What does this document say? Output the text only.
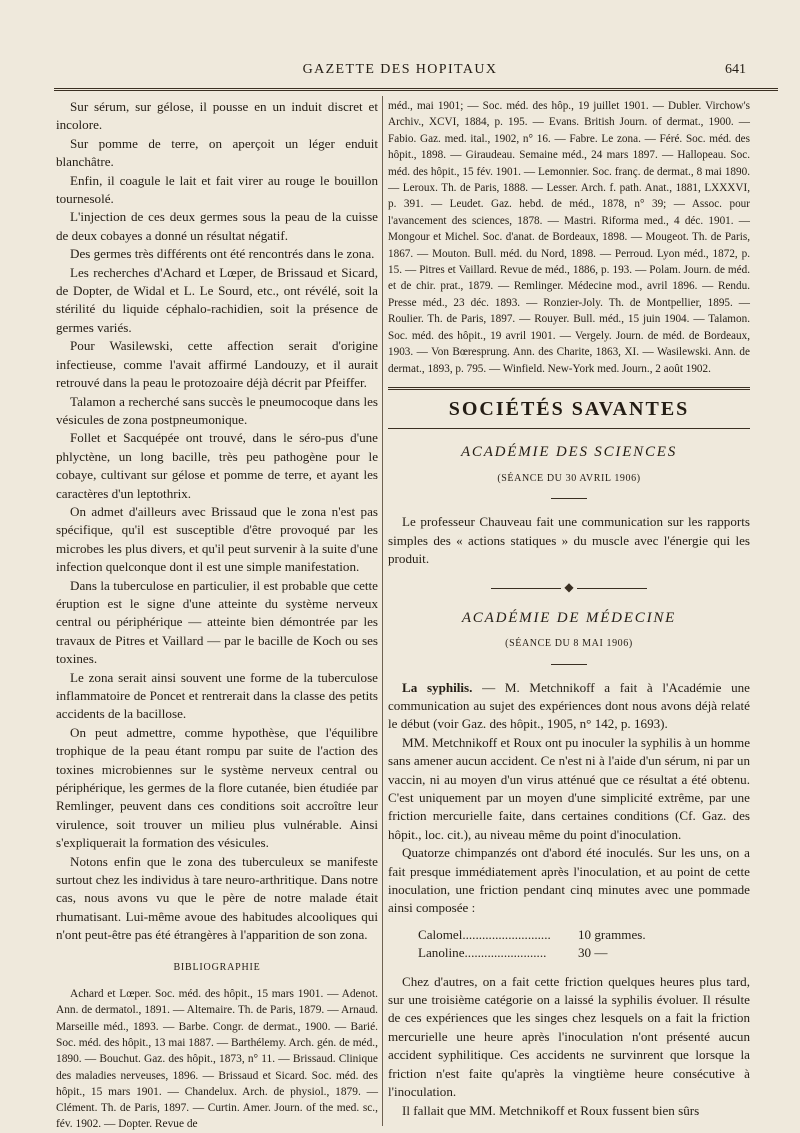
GAZETTE DES HOPITAUX	641

Sur sérum, sur gélose, il pousse en un induit discret et incolore.

Sur pomme de terre, on aperçoit un léger enduit blanchâtre.

Enfin, il coagule le lait et fait virer au rouge le bouillon tournesolé.

L'injection de ces deux germes sous la peau de la cuisse de deux cobayes a donné un résultat négatif.

Des germes très différents ont été rencontrés dans le zona.

Les recherches d'Achard et Lœper, de Brissaud et Sicard, de Dopter, de Widal et L. Le Sourd, etc., ont révélé, soit la stérilité du liquide céphalo-rachidien, soit la présence de germes variés.

Pour Wasilewski, cette affection serait d'origine infectieuse, comme l'avait affirmé Landouzy, et il aurait retrouvé dans la peau le protozoaire déjà décrit par Pfeiffer.

Talamon a recherché sans succès le pneumocoque dans les vésicules de zona postpneumonique.

Follet et Sacquépée ont trouvé, dans le séro-pus d'une phlyctène, un long bacille, très peu pathogène pour le cobaye, cultivant sur gélose et pomme de terre, et ayant les caractères d'un leptothrix.

On admet d'ailleurs avec Brissaud que le zona n'est pas spécifique, qu'il est susceptible d'être provoqué par les microbes les plus divers, et qu'il peut survenir à la suite d'une infection quelconque dont il est une simple manifestation.

Dans la tuberculose en particulier, il est probable que cette éruption est le signe d'une atteinte du système nerveux central ou périphérique — atteinte bien démontrée par les travaux de Pitres et Vaillard — par le bacille de Koch ou ses toxines.

Le zona serait ainsi souvent une forme de la tuberculose inflammatoire de Poncet et rentrerait dans la classe des petits accidents de la bacillose.

On peut admettre, comme hypothèse, que l'équilibre trophique de la peau étant rompu par suite de l'action des toxines microbiennes sur le système nerveux central ou périphérique, les germes de la flore cutanée, bien étudiée par Remlinger, peuvent dans ces conditions soit accroître leur virulence, soit trouver un milieu plus vulnérable. Ainsi s'expliquerait la formation des vésicules.

Notons enfin que le zona des tuberculeux se manifeste surtout chez les individus à tare neuro-arthritique. Dans notre cas, nous avons vu que le père de notre malade était rhumatisant. Lui-même avoue des habitudes alcooliques qui n'ont peut-être pas été étrangères à l'apparition de son zona.

BIBLIOGRAPHIE

Achard et Lœper. Soc. méd. des hôpit., 15 mars 1901. — Adenot. Ann. de dermatol., 1891. — Altemaire. Th. de Paris, 1879. — Arnaud. Marseille méd., 1893. — Barbe. Congr. de dermat., 1900. — Barié. Soc. méd. des hôpit., 13 mai 1887. — Barthélemy. Arch. gén. de méd., 1890. — Bouchut. Gaz. des hôpit., 1873, n° 11. — Brissaud. Clinique des maladies nerveuses, 1896. — Brissaud et Sicard. Soc. méd. des hôpit., 15 mars 1901. — Chandelux. Arch. de physiol., 1879. — Clément. Th. de Paris, 1897. — Curtin. Amer. Journ. of the med. sc., fév. 1902. — Dopter. Revue de

méd., mai 1901; — Soc. méd. des hôp., 19 juillet 1901. — Dubler. Virchow's Archiv., XCVI, 1884, p. 195. — Evans. British Journ. of dermat., 1900. — Fabio. Gaz. med. ital., 1902, n° 16. — Fabre. Le zona. — Féré. Soc. méd. des hôpit., 1898. — Giraudeau. Semaine méd., 24 mars 1897. — Hallopeau. Soc. méd. des hôpit., 15 fév. 1901. — Lemonnier. Soc. franç. de dermat., 8 mai 1890. — Leroux. Th. de Paris, 1888. — Lesser. Arch. f. path. Anat., 1881, LXXXVI, p. 391. — Leudet. Gaz. hebd. de méd., 1878, n° 39; — Assoc. pour l'avancement des sciences, 1878. — Mastri. Riforma med., 4 déc. 1901. — Mongour et Michel. Soc. d'anat. de Bordeaux, 1898. — Mougeot. Th. de Paris, 1867. — Mouton. Bull. méd. du Nord, 1898. — Perroud. Lyon méd., 1872, p. 15. — Pitres et Vaillard. Revue de méd., 1886, p. 193. — Polam. Journ. de méd. et de chir. prat., 1879. — Remlinger. Médecine mod., avril 1896. — Rendu. Presse méd., 23 déc. 1893. — Ronzier-Joly. Th. de Montpellier, 1895. — Roulier. Th. de Paris, 1897. — Rouyer. Bull. méd., 15 juin 1904. — Talamon. Soc. méd. des hôpit., 19 avril 1901. — Vergely. Journ. de méd. de Bordeaux, 1903. — Von Bœresprung. Ann. des Charite, 1863, XI. — Wasilewski. Ann. de dermat., 1893, p. 795. — Winfield. New-York med. Journ., 2 août 1902.

SOCIÉTÉS SAVANTES
ACADÉMIE DES SCIENCES
(SÉANCE DU 30 AVRIL 1906)

Le professeur Chauveau fait une communication sur les rapports simples des « actions statiques » du muscle avec l'énergie qui les produit.

◆
ACADÉMIE DE MÉDECINE
(SÉANCE DU 8 MAI 1906)

La syphilis. — M. Metchnikoff a fait à l'Académie une communication au sujet des expériences dont nous avons déjà relaté le début (voir Gaz. des hôpit., 1905, n° 142, p. 1693).

MM. Metchnikoff et Roux ont pu inoculer la syphilis à un homme sans amener aucun accident. Ce n'est ni à l'aide d'un sérum, ni par un vaccin, ni au moyen d'un virus atténué que ce résultat a été obtenu. C'est uniquement par un moyen d'une simplicité extrême, par une friction mercurielle faite, dans certaines conditions (Cf. Gaz. des hôpit., loc. cit.), au niveau même du point d'inoculation.

Quatorze chimpanzés ont d'abord été inoculés. Sur les uns, on a fait presque immédiatement après l'inoculation, et au point de cette inoculation, une friction pendant cinq minutes avec une pommade ainsi composée :

Calomel...........................	10 grammes.
Lanoline.........................	30 —

Chez d'autres, on a fait cette friction quelques heures plus tard, sur une troisième catégorie on a laissé la syphilis évoluer. Il résulte de ces expériences que les singes chez lesquels on a fait la friction mercurielle une heure après l'inoculation n'ont présenté aucun accident syphilitique. Ces accidents ne survinrent que lorsque la friction n'est faite qu'après la vingtième heure consécutive à l'inoculation.

Il fallait que MM. Metchnikoff et Roux fussent bien sûrs
